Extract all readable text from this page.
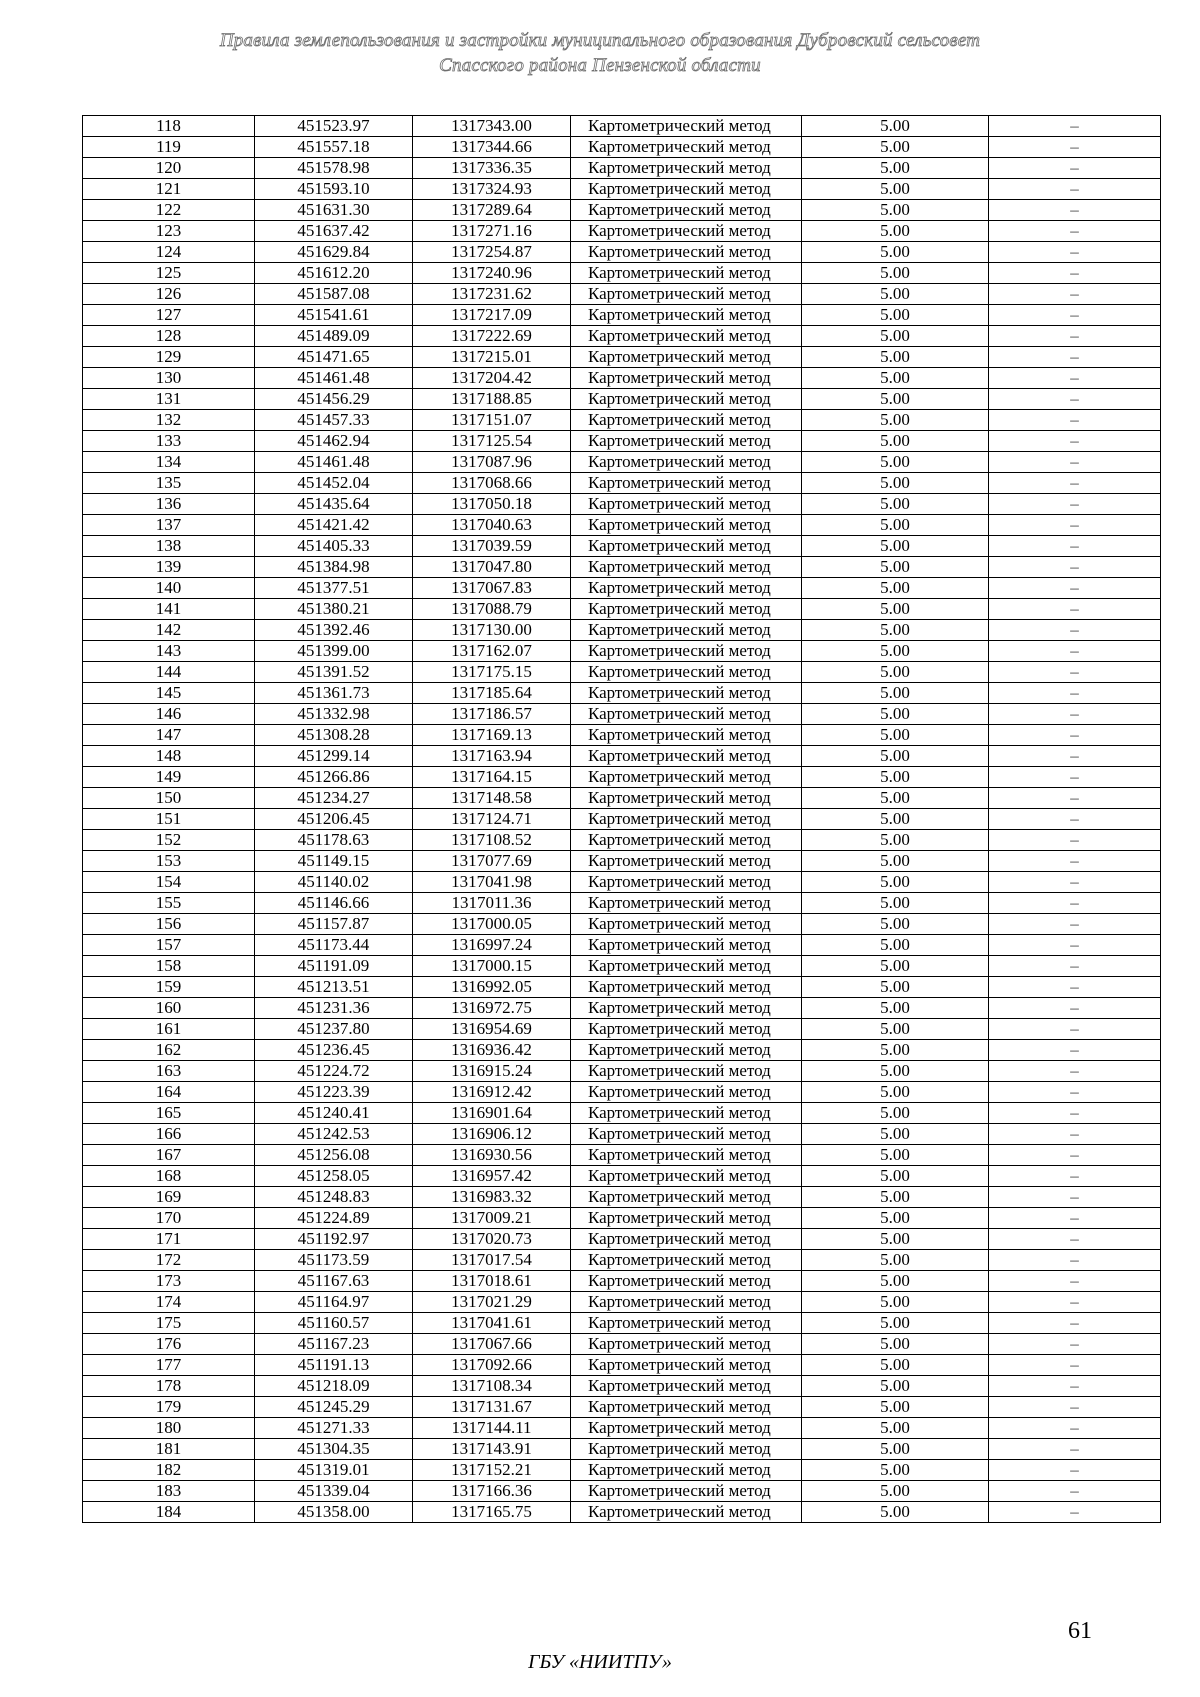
Правила землепользования и застройки муниципального образования Дубровский сельсовет
Спасского района Пензенской области
118	451523.97	1317343.00	Картометрический метод	5.00	–
119	451557.18	1317344.66	Картометрический метод	5.00	–
120	451578.98	1317336.35	Картометрический метод	5.00	–
121	451593.10	1317324.93	Картометрический метод	5.00	–
122	451631.30	1317289.64	Картометрический метод	5.00	–
123	451637.42	1317271.16	Картометрический метод	5.00	–
124	451629.84	1317254.87	Картометрический метод	5.00	–
125	451612.20	1317240.96	Картометрический метод	5.00	–
126	451587.08	1317231.62	Картометрический метод	5.00	–
127	451541.61	1317217.09	Картометрический метод	5.00	–
128	451489.09	1317222.69	Картометрический метод	5.00	–
129	451471.65	1317215.01	Картометрический метод	5.00	–
130	451461.48	1317204.42	Картометрический метод	5.00	–
131	451456.29	1317188.85	Картометрический метод	5.00	–
132	451457.33	1317151.07	Картометрический метод	5.00	–
133	451462.94	1317125.54	Картометрический метод	5.00	–
134	451461.48	1317087.96	Картометрический метод	5.00	–
135	451452.04	1317068.66	Картометрический метод	5.00	–
136	451435.64	1317050.18	Картометрический метод	5.00	–
137	451421.42	1317040.63	Картометрический метод	5.00	–
138	451405.33	1317039.59	Картометрический метод	5.00	–
139	451384.98	1317047.80	Картометрический метод	5.00	–
140	451377.51	1317067.83	Картометрический метод	5.00	–
141	451380.21	1317088.79	Картометрический метод	5.00	–
142	451392.46	1317130.00	Картометрический метод	5.00	–
143	451399.00	1317162.07	Картометрический метод	5.00	–
144	451391.52	1317175.15	Картометрический метод	5.00	–
145	451361.73	1317185.64	Картометрический метод	5.00	–
146	451332.98	1317186.57	Картометрический метод	5.00	–
147	451308.28	1317169.13	Картометрический метод	5.00	–
148	451299.14	1317163.94	Картометрический метод	5.00	–
149	451266.86	1317164.15	Картометрический метод	5.00	–
150	451234.27	1317148.58	Картометрический метод	5.00	–
151	451206.45	1317124.71	Картометрический метод	5.00	–
152	451178.63	1317108.52	Картометрический метод	5.00	–
153	451149.15	1317077.69	Картометрический метод	5.00	–
154	451140.02	1317041.98	Картометрический метод	5.00	–
155	451146.66	1317011.36	Картометрический метод	5.00	–
156	451157.87	1317000.05	Картометрический метод	5.00	–
157	451173.44	1316997.24	Картометрический метод	5.00	–
158	451191.09	1317000.15	Картометрический метод	5.00	–
159	451213.51	1316992.05	Картометрический метод	5.00	–
160	451231.36	1316972.75	Картометрический метод	5.00	–
161	451237.80	1316954.69	Картометрический метод	5.00	–
162	451236.45	1316936.42	Картометрический метод	5.00	–
163	451224.72	1316915.24	Картометрический метод	5.00	–
164	451223.39	1316912.42	Картометрический метод	5.00	–
165	451240.41	1316901.64	Картометрический метод	5.00	–
166	451242.53	1316906.12	Картометрический метод	5.00	–
167	451256.08	1316930.56	Картометрический метод	5.00	–
168	451258.05	1316957.42	Картометрический метод	5.00	–
169	451248.83	1316983.32	Картометрический метод	5.00	–
170	451224.89	1317009.21	Картометрический метод	5.00	–
171	451192.97	1317020.73	Картометрический метод	5.00	–
172	451173.59	1317017.54	Картометрический метод	5.00	–
173	451167.63	1317018.61	Картометрический метод	5.00	–
174	451164.97	1317021.29	Картометрический метод	5.00	–
175	451160.57	1317041.61	Картометрический метод	5.00	–
176	451167.23	1317067.66	Картометрический метод	5.00	–
177	451191.13	1317092.66	Картометрический метод	5.00	–
178	451218.09	1317108.34	Картометрический метод	5.00	–
179	451245.29	1317131.67	Картометрический метод	5.00	–
180	451271.33	1317144.11	Картометрический метод	5.00	–
181	451304.35	1317143.91	Картометрический метод	5.00	–
182	451319.01	1317152.21	Картометрический метод	5.00	–
183	451339.04	1317166.36	Картометрический метод	5.00	–
184	451358.00	1317165.75	Картометрический метод	5.00	–
61
ГБУ «НИИТПУ»
